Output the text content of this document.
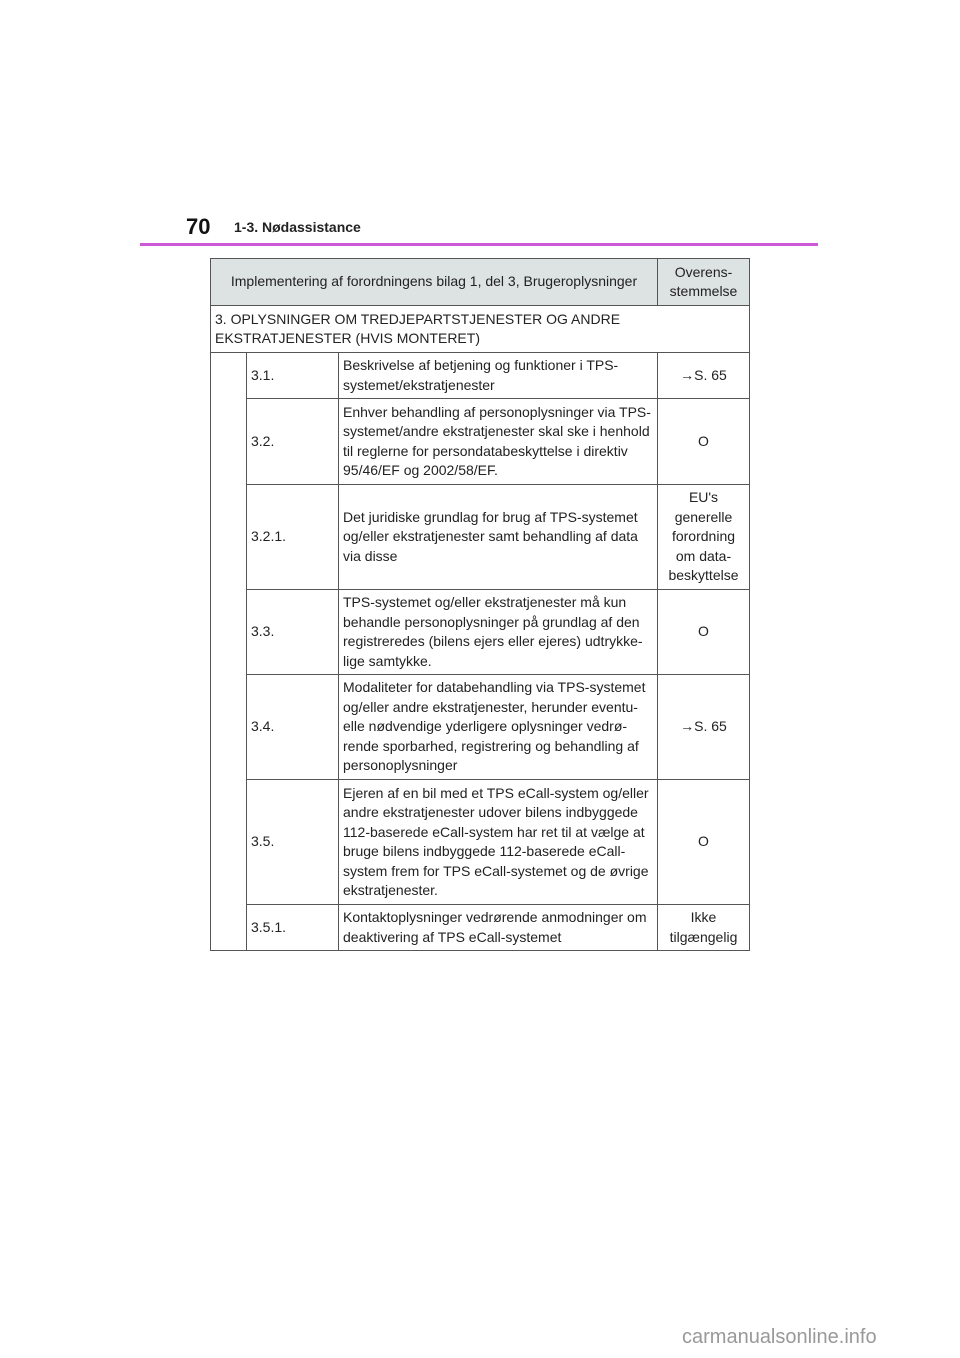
70 1-3. Nødassistance
Implementering af forordningens bilag 1, del 3, Brugeroplysninger			Overens-stemmelse
3. OPLYSNINGER OM TREDJEPARTSTJENESTER OG ANDRE EKSTRATJENESTER (HVIS MONTERET)			
	3.1.	Beskrivelse af betjening og funktioner i TPS-systemet/ekstratjenester	→S. 65
	3.2.	Enhver behandling af personoplysninger via TPS-systemet/andre ekstratjenester skal ske i henhold til reglerne for persondatabeskyttelse i direktiv 95/46/EF og 2002/58/EF.	O
	3.2.1.	Det juridiske grundlag for brug af TPS-systemet og/eller ekstratjenester samt behandling af data via disse	EU's generelle forordning om data-beskyttelse
	3.3.	TPS-systemet og/eller ekstratjenester må kun behandle personoplysninger på grundlag af den registreredes (bilens ejers eller ejeres) udtrykke-lige samtykke.	O
	3.4.	Modaliteter for databehandling via TPS-systemet og/eller andre ekstratjenester, herunder eventu-elle nødvendige yderligere oplysninger vedrø-rende sporbarhed, registrering og behandling af personoplysninger	→S. 65
	3.5.	Ejeren af en bil med et TPS eCall-system og/eller andre ekstratjenester udover bilens indbyggede 112-baserede eCall-system har ret til at vælge at bruge bilens indbyggede 112-baserede eCall-system frem for TPS eCall-systemet og de øvrige ekstratjenester.	O
	3.5.1.	Kontaktoplysninger vedrørende anmodninger om deaktivering af TPS eCall-systemet	Ikke tilgængelig
carmanualsonline.info
